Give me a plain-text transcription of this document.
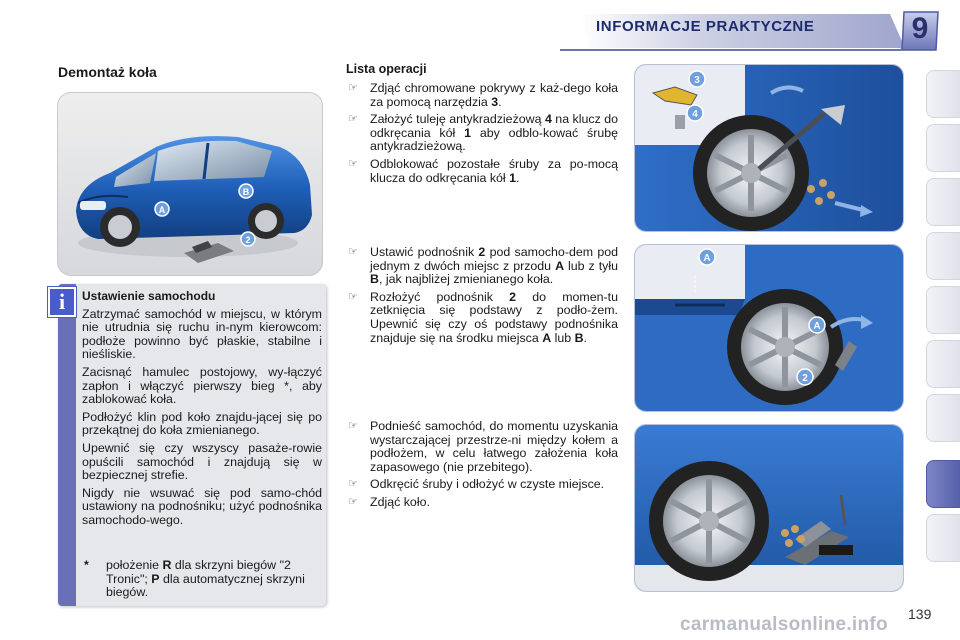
INFORMACJE PRAKTYCZNE	9
Demontaż koła
A
B
2
i	Ustawienie samochodu

Zatrzymać samochód w miejscu, w którym nie utrudnia się ruchu in-nym kierowcom: podłoże powinno być płaskie, stabilne i nieśliskie.

Zacisnąć hamulec postojowy, wy-łączyć zapłon i włączyć pierwszy bieg *, aby zablokować koła.

Podłożyć klin pod koło znajdu-jącej się po przekątnej do koła zmienianego.

Upewnić się czy wszyscy pasaże-rowie opuścili samochód i znajdują się w bezpiecznej strefie.

Nigdy nie wsuwać się pod samo-chód ustawiony na podnośniku; użyć podnośnika samochodo-wego.

* położenie R dla skrzyni biegów "2 Tronic"; P dla automatycznej skrzyni biegów.
Lista operacji
☞ Zdjąć chromowane pokrywy z każ-dego koła za pomocą narzędzia 3.
☞ Założyć tuleję antykradzieżową 4 na klucz do odkręcania kół 1 aby odblo-kować śrubę antykradzieżową.
☞ Odblokować pozostałe śruby za po-mocą klucza do odkręcania kół 1.
☞ Ustawić podnośnik 2 pod samocho-dem pod jednym z dwóch miejsc z przodu A lub z tyłu B, jak najbliżej zmienianego koła.
☞ Rozłożyć podnośnik 2 do momen-tu zetknięcia się podstawy z podło-żem. Upewnić się czy oś podstawy podnośnika znajduje się na środku miejsca A lub B.
☞ Podnieść samochód, do momentu uzyskania wystarczającej przestrze-ni między kołem a podłożem, w celu łatwego założenia koła zapasowego (nie przebitego).
☞ Odkręcić śruby i odłożyć w czyste miejsce.
☞ Zdjąć koło.
3
4
A
A
2
carmanualsonline.info 139
